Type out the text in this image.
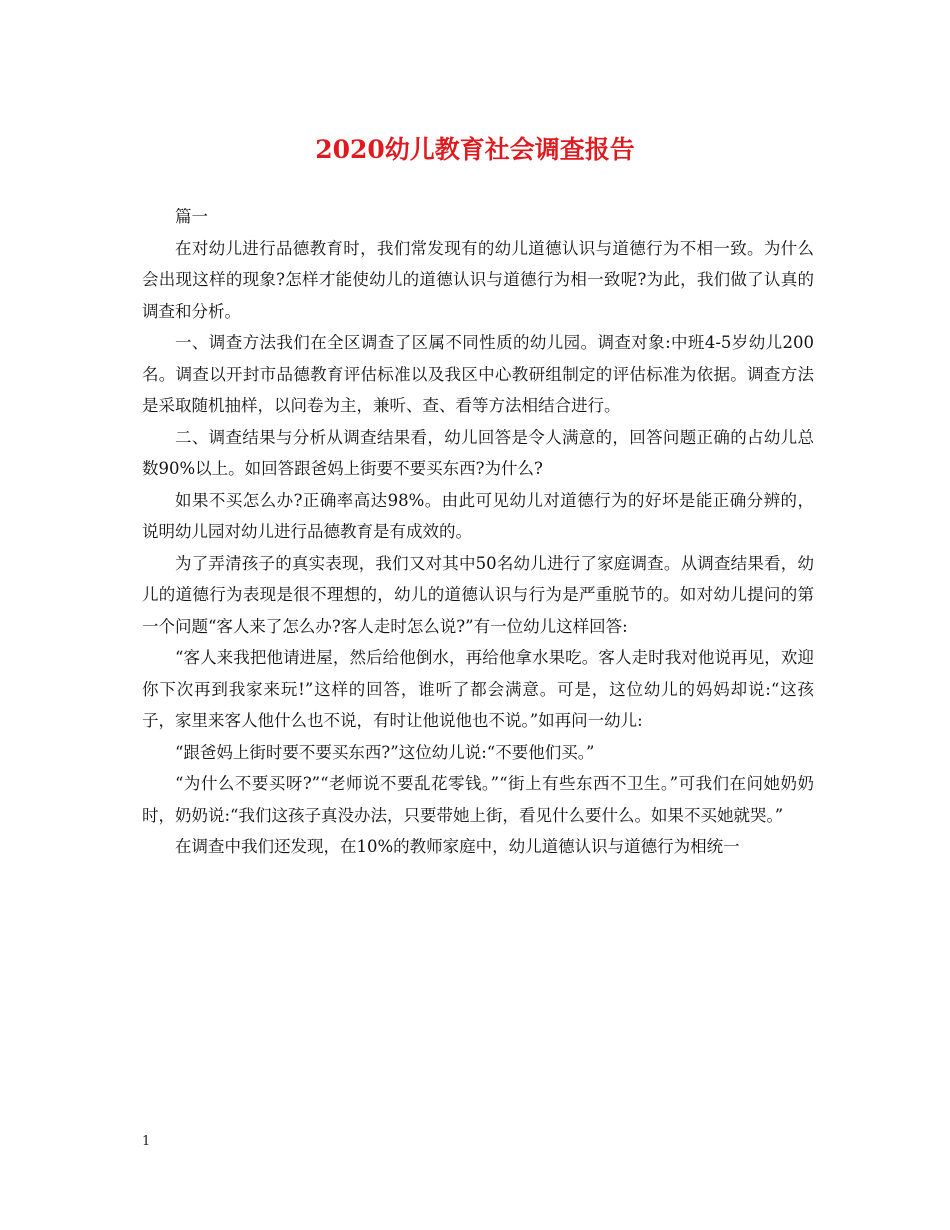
2020幼儿教育社会调查报告

篇一

在对幼儿进行品德教育时，我们常发现有的幼儿道德认识与道德行为不相一致。为什么会出现这样的现象?怎样才能使幼儿的道德认识与道德行为相一致呢?为此，我们做了认真的调查和分析。

一、调查方法我们在全区调查了区属不同性质的幼儿园。调查对象:中班4-5岁幼儿200名。调查以开封市品德教育评估标准以及我区中心教研组制定的评估标准为依据。调查方法是采取随机抽样，以问卷为主，兼听、查、看等方法相结合进行。

二、调查结果与分析从调查结果看，幼儿回答是令人满意的，回答问题正确的占幼儿总数90%以上。如回答跟爸妈上街要不要买东西?为什么?

如果不买怎么办?正确率高达98%。由此可见幼儿对道德行为的好坏是能正确分辨的，说明幼儿园对幼儿进行品德教育是有成效的。

为了弄清孩子的真实表现，我们又对其中50名幼儿进行了家庭调查。从调查结果看，幼儿的道德行为表现是很不理想的，幼儿的道德认识与行为是严重脱节的。如对幼儿提问的第一个问题“客人来了怎么办?客人走时怎么说?”有一位幼儿这样回答:

“客人来我把他请进屋，然后给他倒水，再给他拿水果吃。客人走时我对他说再见，欢迎你下次再到我家来玩!”这样的回答，谁听了都会满意。可是，这位幼儿的妈妈却说:“这孩子，家里来客人他什么也不说，有时让他说他也不说。”如再问一幼儿:

“跟爸妈上街时要不要买东西?”这位幼儿说:“不要他们买。”

“为什么不要买呀?”“老师说不要乱花零钱。”“街上有些东西不卫生。”可我们在问她奶奶时，奶奶说:“我们这孩子真没办法，只要带她上街，看见什么要什么。如果不买她就哭。”

在调查中我们还发现，在10%的教师家庭中，幼儿道德认识与道德行为相统一

1
